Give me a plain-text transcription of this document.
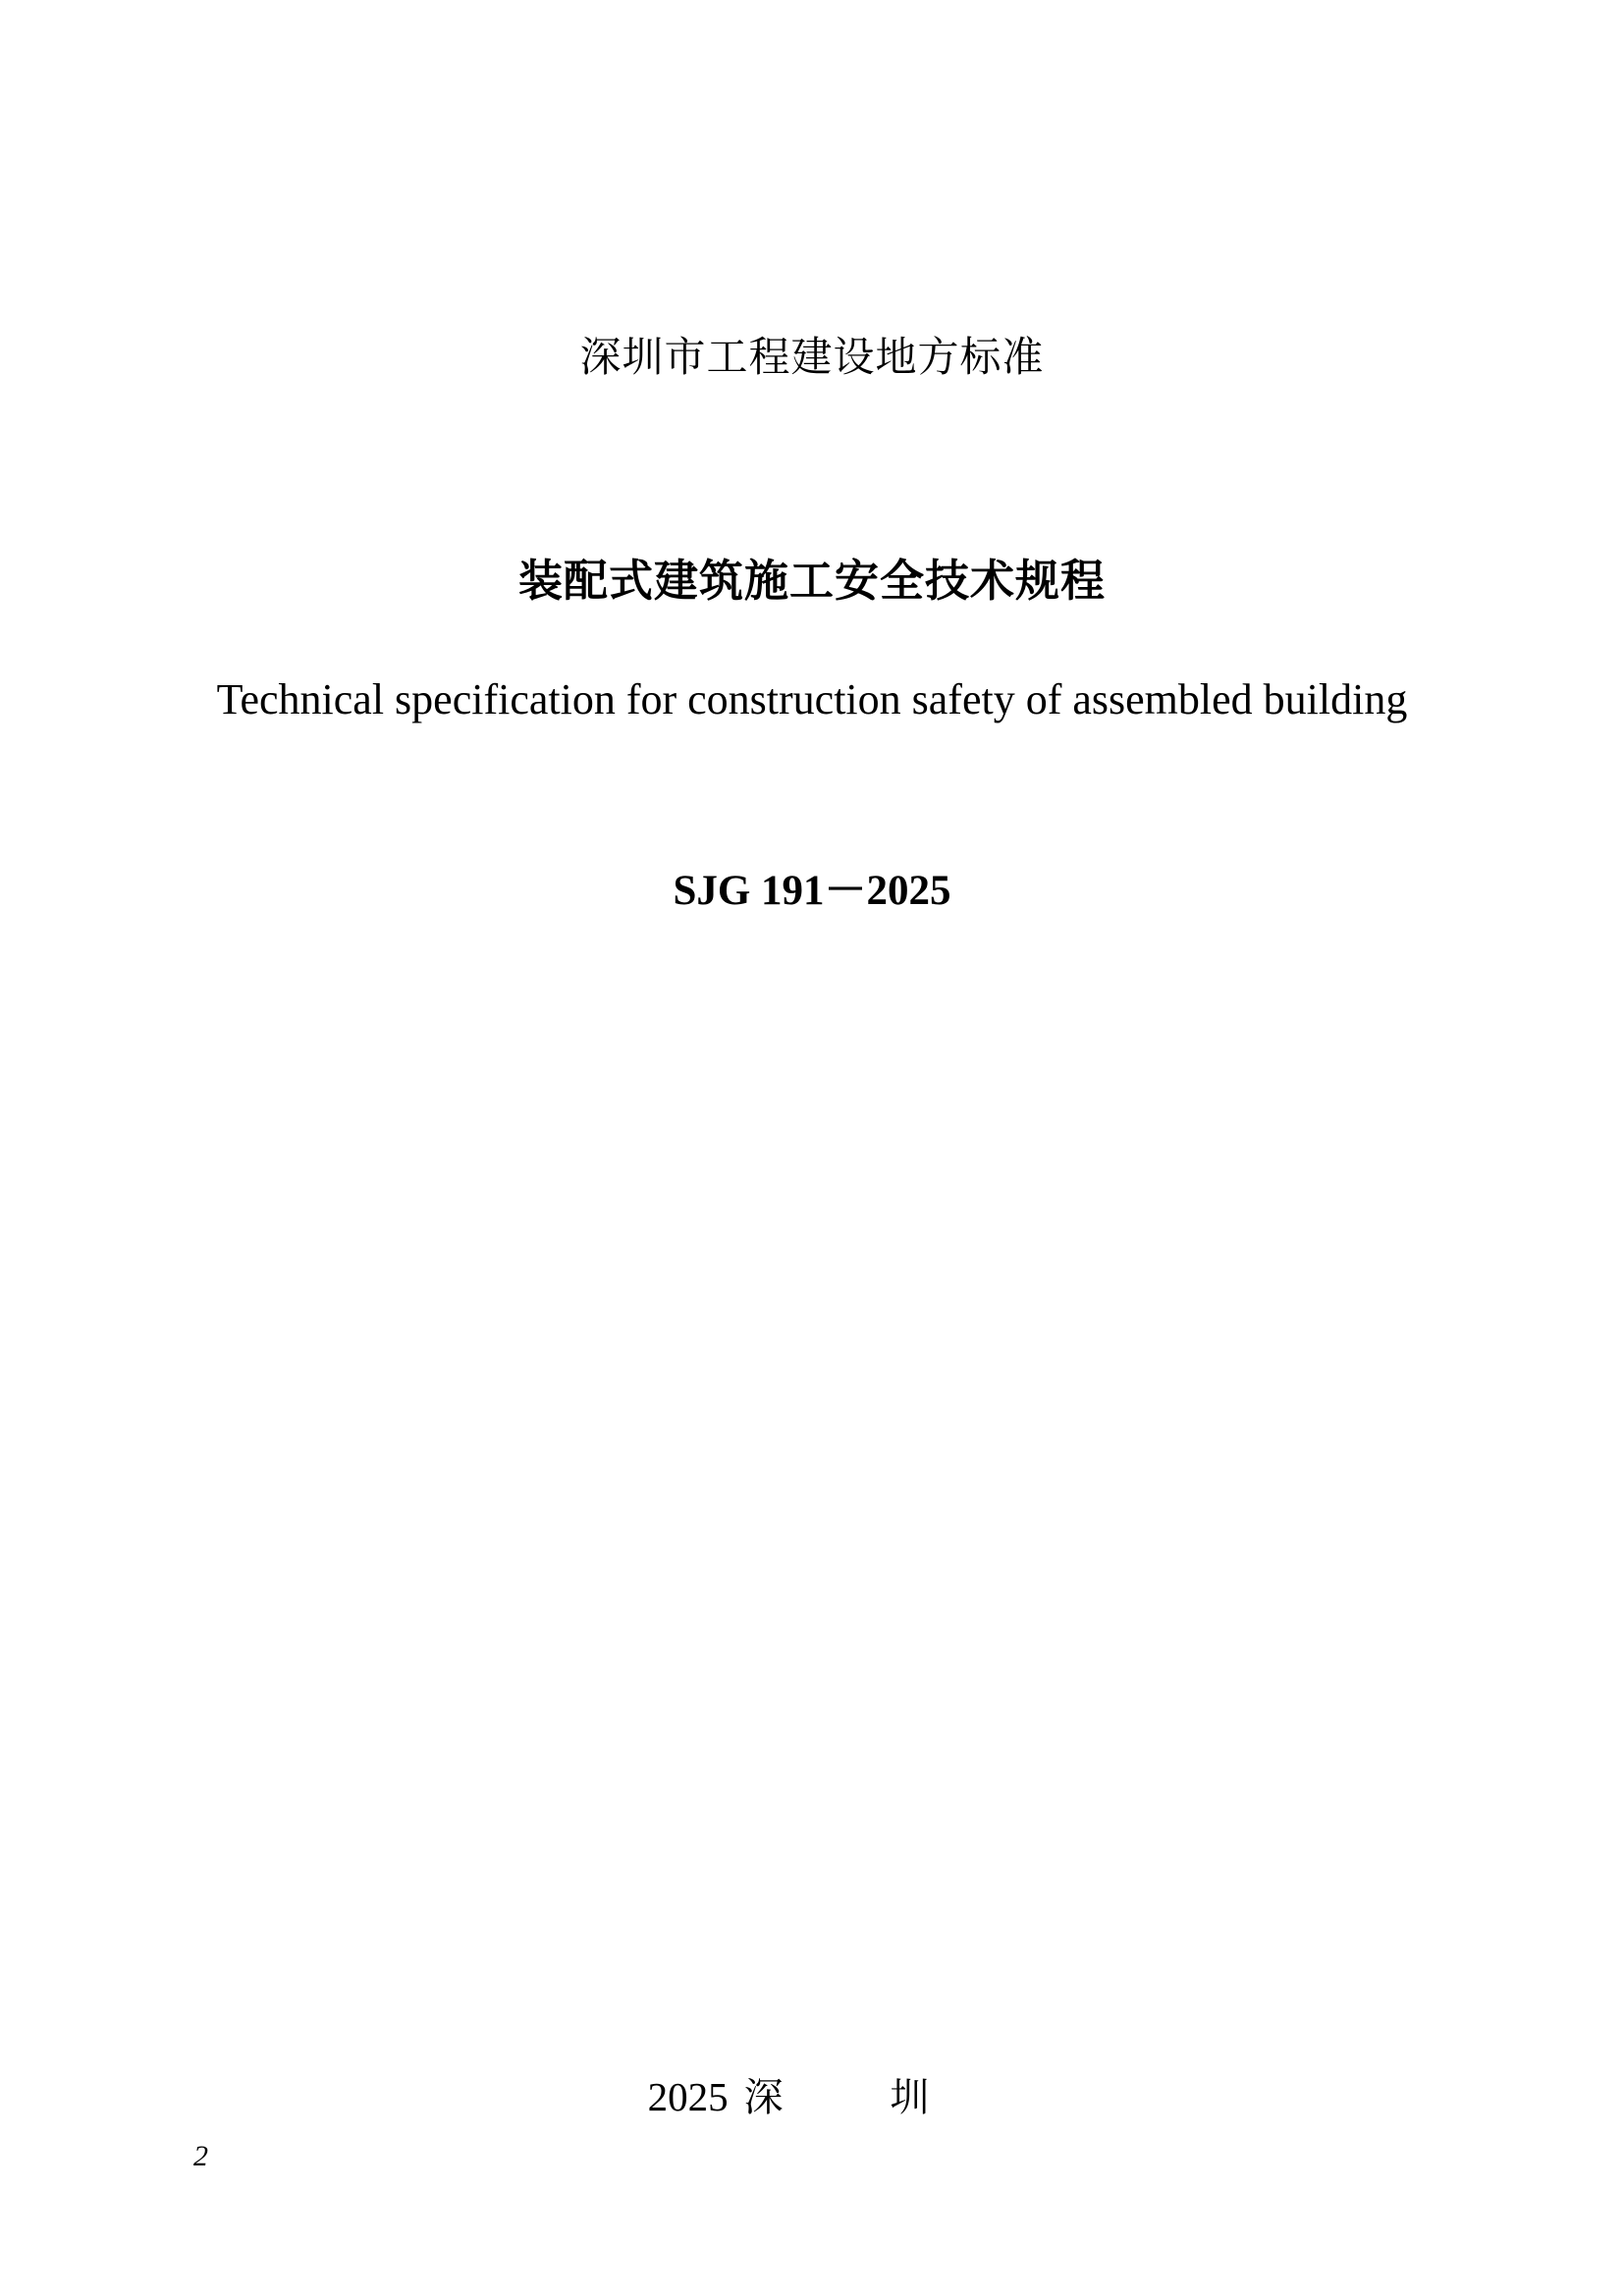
深圳市工程建设地方标准
装配式建筑施工安全技术规程
Technical specification for construction safety of assembled building
SJG 191－2025
2025 深 圳
2
